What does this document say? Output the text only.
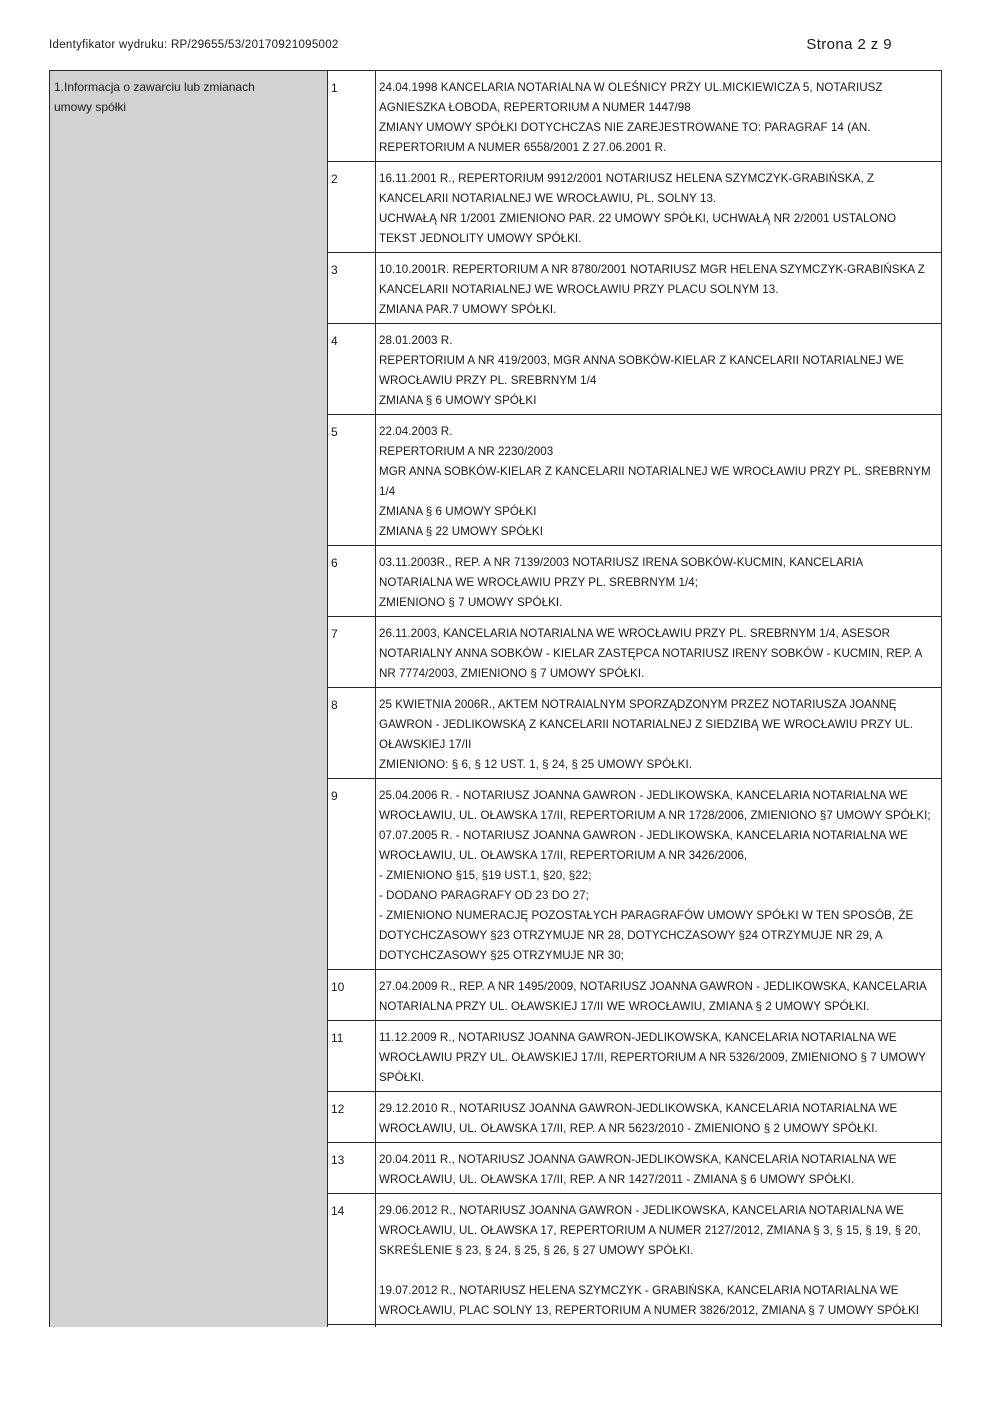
Identyfikator wydruku: RP/29655/53/20170921095002	Strona 2 z 9
1.Informacja o zawarciu lub zmianach umowy spółki	1	24.04.1998 KANCELARIA NOTARIALNA W OLEŚNICY PRZY UL.MICKIEWICZA 5, NOTARIUSZ AGNIESZKA ŁOBODA, REPERTORIUM A NUMER 1447/98
ZMIANY UMOWY SPÓŁKI DOTYCHCZAS NIE ZAREJESTROWANE TO: PARAGRAF 14 (AN. REPERTORIUM A NUMER 6558/2001 Z 27.06.2001 R.
	2	16.11.2001 R., REPERTORIUM 9912/2001 NOTARIUSZ HELENA SZYMCZYK-GRABIŃSKA, Z KANCELARII NOTARIALNEJ WE WROCŁAWIU, PL. SOLNY 13.
UCHWAŁĄ NR 1/2001 ZMIENIONO PAR. 22 UMOWY SPÓŁKI, UCHWAŁĄ NR 2/2001 USTALONO TEKST JEDNOLITY UMOWY SPÓŁKI.
	3	10.10.2001R. REPERTORIUM A NR 8780/2001 NOTARIUSZ MGR HELENA SZYMCZYK-GRABIŃSKA Z KANCELARII NOTARIALNEJ WE WROCŁAWIU PRZY PLACU SOLNYM 13.
ZMIANA PAR.7 UMOWY SPÓŁKI.
	4	28.01.2003 R.
REPERTORIUM A NR 419/2003, MGR ANNA SOBKÓW-KIELAR Z KANCELARII NOTARIALNEJ WE WROCŁAWIU PRZY PL. SREBRNYM 1/4
ZMIANA § 6 UMOWY SPÓŁKI
	5	22.04.2003 R.
REPERTORIUM A NR 2230/2003
MGR ANNA SOBKÓW-KIELAR Z KANCELARII NOTARIALNEJ WE WROCŁAWIU PRZY PL. SREBRNYM 1/4
ZMIANA § 6 UMOWY SPÓŁKI
ZMIANA § 22 UMOWY SPÓŁKI
	6	03.11.2003R., REP. A NR 7139/2003 NOTARIUSZ IRENA SOBKÓW-KUCMIN, KANCELARIA NOTARIALNA WE WROCŁAWIU PRZY PL. SREBRNYM 1/4;
ZMIENIONO § 7 UMOWY SPÓŁKI.
	7	26.11.2003, KANCELARIA NOTARIALNA WE WROCŁAWIU PRZY PL. SREBRNYM 1/4, ASESOR NOTARIALNY ANNA SOBKÓW - KIELAR ZASTĘPCA NOTARIUSZ IRENY SOBKÓW - KUCMIN, REP. A NR 7774/2003, ZMIENIONO § 7 UMOWY SPÓŁKI.
	8	25 KWIETNIA 2006R., AKTEM NOTRAIALNYM SPORZĄDZONYM PRZEZ NOTARIUSZA JOANNĘ GAWRON - JEDLIKOWSKĄ Z KANCELARII NOTARIALNEJ Z SIEDZIBĄ WE WROCŁAWIU PRZY UL. OŁAWSKIEJ 17/II
ZMIENIONO: § 6, § 12 UST. 1, § 24, § 25 UMOWY SPÓŁKI.
	9	25.04.2006 R. - NOTARIUSZ JOANNA GAWRON - JEDLIKOWSKA, KANCELARIA NOTARIALNA WE WROCŁAWIU, UL. OŁAWSKA 17/II, REPERTORIUM A NR 1728/2006, ZMIENIONO §7 UMOWY SPÓŁKI;
07.07.2005 R. - NOTARIUSZ JOANNA GAWRON - JEDLIKOWSKA, KANCELARIA NOTARIALNA WE WROCŁAWIU, UL. OŁAWSKA 17/II, REPERTORIUM A NR 3426/2006,
- ZMIENIONO §15, §19 UST.1, §20, §22;
- DODANO PARAGRAFY OD 23 DO 27;
- ZMIENIONO NUMERACJĘ POZOSTAŁYCH PARAGRAFÓW UMOWY SPÓŁKI W TEN SPOSÓB, ŻE DOTYCHCZASOWY §23 OTRZYMUJE NR 28, DOTYCHCZASOWY §24 OTRZYMUJE NR 29, A DOTYCHCZASOWY §25 OTRZYMUJE NR 30;
	10	27.04.2009 R., REP. A NR 1495/2009, NOTARIUSZ JOANNA GAWRON - JEDLIKOWSKA, KANCELARIA NOTARIALNA PRZY UL. OŁAWSKIEJ 17/II WE WROCŁAWIU, ZMIANA § 2 UMOWY SPÓŁKI.
	11	11.12.2009 R., NOTARIUSZ JOANNA GAWRON-JEDLIKOWSKA, KANCELARIA NOTARIALNA WE WROCŁAWIU PRZY UL. OŁAWSKIEJ 17/II, REPERTORIUM A NR 5326/2009, ZMIENIONO § 7 UMOWY SPÓŁKI.
	12	29.12.2010 R., NOTARIUSZ JOANNA GAWRON-JEDLIKOWSKA, KANCELARIA NOTARIALNA WE WROCŁAWIU, UL. OŁAWSKA 17/II, REP. A NR 5623/2010 - ZMIENIONO § 2 UMOWY SPÓŁKI.
	13	20.04.2011 R., NOTARIUSZ JOANNA GAWRON-JEDLIKOWSKA, KANCELARIA NOTARIALNA WE WROCŁAWIU, UL. OŁAWSKA 17/II, REP. A NR 1427/2011 - ZMIANA § 6 UMOWY SPÓŁKI.
	14	29.06.2012 R., NOTARIUSZ JOANNA GAWRON - JEDLIKOWSKA, KANCELARIA NOTARIALNA WE WROCŁAWIU, UL. OŁAWSKA 17, REPERTORIUM A NUMER 2127/2012, ZMIANA § 3, § 15, § 19, § 20, SKREŚLENIE § 23, § 24, § 25, § 26, § 27 UMOWY SPÓŁKI.

19.07.2012 R., NOTARIUSZ HELENA SZYMCZYK - GRABIŃSKA, KANCELARIA NOTARIALNA WE WROCŁAWIU, PLAC SOLNY 13, REPERTORIUM A NUMER 3826/2012, ZMIANA § 7 UMOWY SPÓŁKI
